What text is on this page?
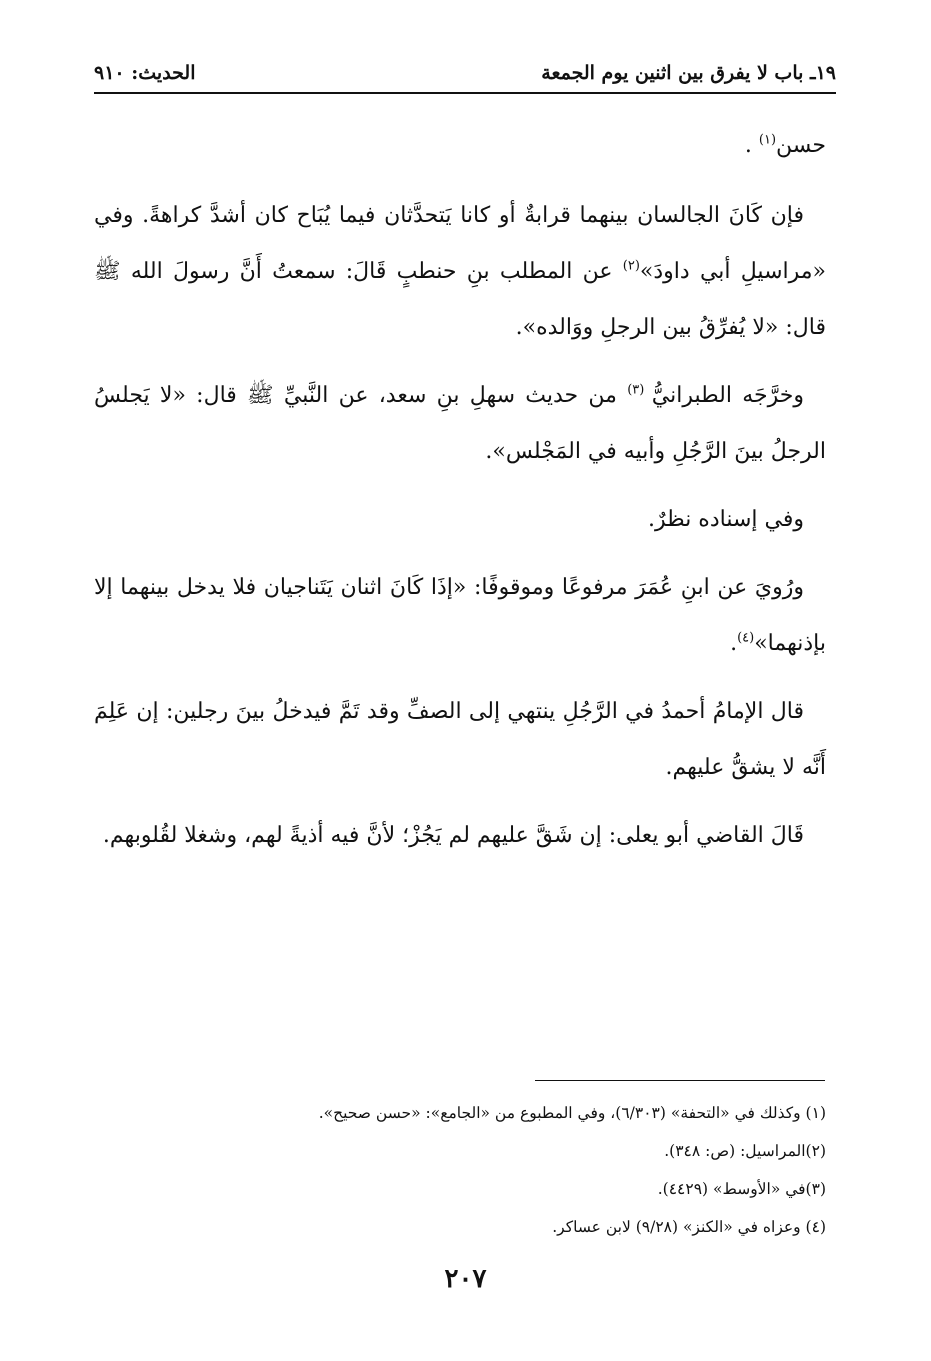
١٩ـ باب لا يفرق بين اثنين يوم الجمعة
الحديث: ٩١٠

حسن$^{(١)}$ .

فإن كَانَ الجالسان بينهما قرابةٌ أو كانا يَتحدَّثان فيما يُبَاح كان أشدَّ كراهةً. وفي «مراسيلِ أبي داودَ»$^{(٢)}$ عن المطلب بنِ حنطبٍ قَالَ: سمعتُ أَنَّ رسولَ الله ﷺ قال: «لا يُفرِّقُ بين الرجلِ ووَالده».

وخرَّجَه الطبرانيُّ $^{(٣)}$ من حديث سهلِ بنِ سعد، عن النَّبيِّ ﷺ قال: «لا يَجلسُ الرجلُ بينَ الرَّجُلِ وأبيه في المَجْلس».

وفي إسناده نظرٌ.

ورُويَ عن ابنِ عُمَرَ مرفوعًا وموقوفًا: «إذَا كَانَ اثنان يَتَناجيان فلا يدخل بينهما إلا بإذنهما»$^{(٤)}$.

قال الإمامُ أحمدُ في الرَّجُلِ ينتهي إلى الصفِّ وقد تَمَّ فيدخلُ بينَ رجلين: إن عَلِمَ أَنَّه لا يشقُّ عليهم.

قَالَ القاضي أبو يعلى: إن شَقَّ عليهم لم يَجُزْ؛ لأنَّ فيه أذيةً لهم، وشغلا لقُلوبهم.

(١) وكذلك في «التحفة» (٦/٣٠٣)، وفي المطبوع من «الجامع»: «حسن صحيح».
(٢)المراسيل: (ص: ٣٤٨).
(٣)في «الأوسط» (٤٤٢٩).
(٤) وعزاه في «الكنز» (٩/٢٨) لابن عساكر.
٢٠٧
